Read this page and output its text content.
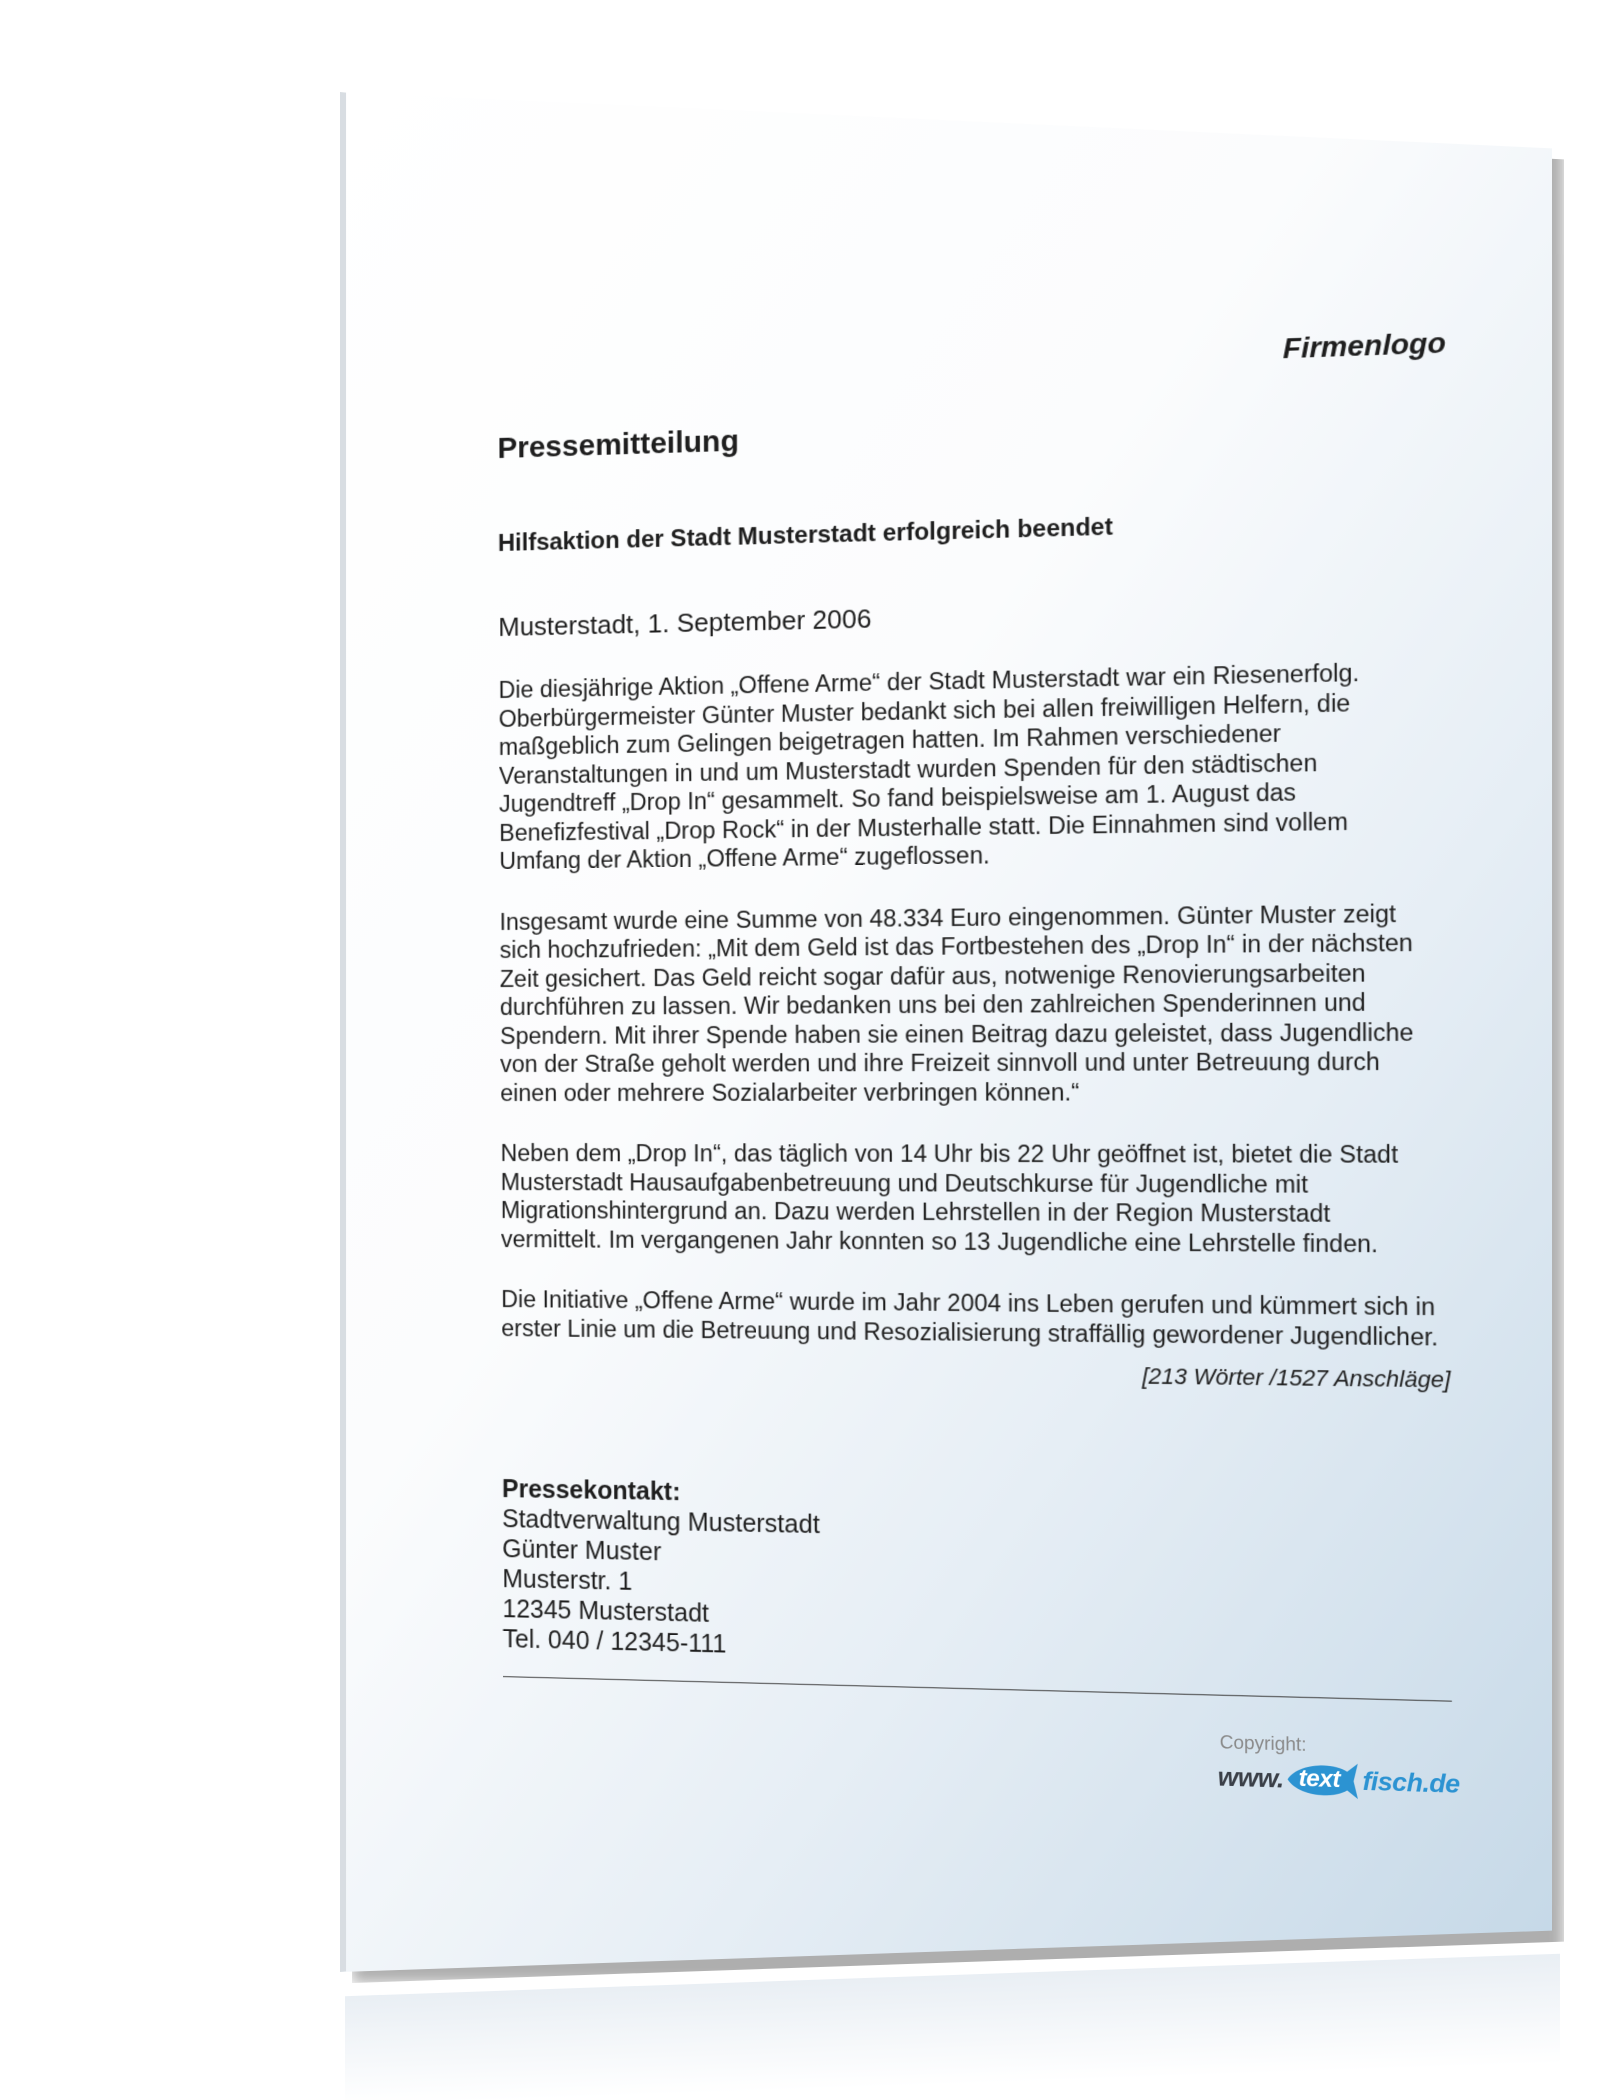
Firmenlogo
Pressemitteilung
Hilfsaktion der Stadt Musterstadt erfolgreich beendet
Musterstadt, 1. September 2006

Die diesjährige Aktion „Offene Arme“ der Stadt Musterstadt war ein Riesenerfolg. Oberbürgermeister Günter Muster bedankt sich bei allen freiwilligen Helfern, die maßgeblich zum Gelingen beigetragen hatten. Im Rahmen verschiedener Veranstaltungen in und um Musterstadt wurden Spenden für den städtischen Jugendtreff „Drop In“ gesammelt. So fand beispielsweise am 1. August das Benefizfestival „Drop Rock“ in der Musterhalle statt. Die Einnahmen sind vollem Umfang der Aktion „Offene Arme“ zugeflossen.

Insgesamt wurde eine Summe von 48.334 Euro eingenommen. Günter Muster zeigt sich hochzufrieden: „Mit dem Geld ist das Fortbestehen des „Drop In“ in der nächsten Zeit gesichert. Das Geld reicht sogar dafür aus, notwenige Renovierungsarbeiten durchführen zu lassen. Wir bedanken uns bei den zahlreichen Spenderinnen und Spendern. Mit ihrer Spende haben sie einen Beitrag dazu geleistet, dass Jugendliche von der Straße geholt werden und ihre Freizeit sinnvoll und unter Betreuung durch einen oder mehrere Sozialarbeiter verbringen können.“

Neben dem „Drop In“, das täglich von 14 Uhr bis 22 Uhr geöffnet ist, bietet die Stadt Musterstadt Hausaufgabenbetreuung und Deutschkurse für Jugendliche mit Migrationshintergrund an. Dazu werden Lehrstellen in der Region Musterstadt vermittelt. Im vergangenen Jahr konnten so 13 Jugendliche eine Lehrstelle finden.

Die Initiative „Offene Arme“ wurde im Jahr 2004 ins Leben gerufen und kümmert sich in erster Linie um die Betreuung und Resozialisierung straffällig gewordener Jugendlicher.

[213 Wörter /1527 Anschläge]
Pressekontakt:
Stadtverwaltung Musterstadt
Günter Muster
Musterstr. 1
12345 Musterstadt
Tel. 040 / 12345-111
Copyright:
www. text fisch .de
